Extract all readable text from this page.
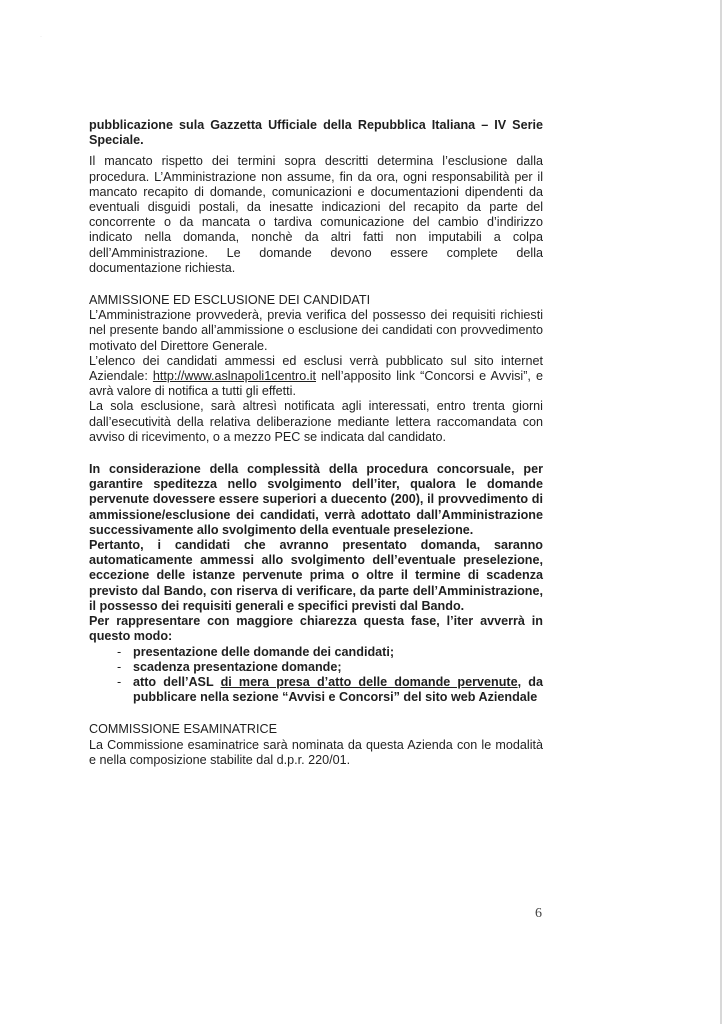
·

pubblicazione sula Gazzetta Ufficiale della Repubblica Italiana – IV Serie Speciale.

Il mancato rispetto dei termini sopra descritti determina l’esclusione dalla procedura. L’Amministrazione non assume, fin da ora, ogni responsabilità per il mancato recapito di domande, comunicazioni e documentazioni dipendenti da eventuali disguidi postali, da inesatte indicazioni del recapito da parte del concorrente o da mancata o tardiva comunicazione del cambio d’indirizzo indicato nella domanda, nonchè da altri fatti non imputabili a colpa dell’Amministrazione. Le domande devono essere complete della documentazione richiesta.

AMMISSIONE ED ESCLUSIONE DEI CANDIDATI

L’Amministrazione provvederà, previa verifica del possesso dei requisiti richiesti nel presente bando all’ammissione o esclusione dei candidati con provvedimento motivato del Direttore Generale.

L’elenco dei candidati ammessi ed esclusi verrà pubblicato sul sito internet Aziendale: http://www.aslnapoli1centro.it nell’apposito link “Concorsi e Avvisi”, e avrà valore di notifica a tutti gli effetti.

La sola esclusione, sarà altresì notificata agli interessati, entro trenta giorni dall’esecutività della relativa deliberazione mediante lettera raccomandata con avviso di ricevimento, o a mezzo PEC se indicata dal candidato.

In considerazione della complessità della procedura concorsuale, per garantire speditezza nello svolgimento dell’iter, qualora le domande pervenute dovessere essere superiori a duecento (200), il provvedimento di ammissione/esclusione dei candidati, verrà adottato dall’Amministrazione successivamente allo svolgimento della eventuale preselezione.

Pertanto, i candidati che avranno presentato domanda, saranno automaticamente ammessi allo svolgimento dell’eventuale preselezione, eccezione delle istanze pervenute prima o oltre il termine di scadenza previsto dal Bando, con riserva di verificare, da parte dell’Amministrazione, il possesso dei requisiti generali e specifici previsti dal Bando.

Per rappresentare con maggiore chiarezza questa fase, l’iter avverrà in questo modo:

- presentazione delle domande dei candidati;
- scadenza presentazione domande;
- atto dell’ASL di mera presa d’atto delle domande pervenute, da pubblicare nella sezione “Avvisi e Concorsi” del sito web Aziendale
COMMISSIONE ESAMINATRICE

La Commissione esaminatrice sarà nominata da questa Azienda con le modalità e nella composizione stabilite dal d.p.r. 220/01.

6
